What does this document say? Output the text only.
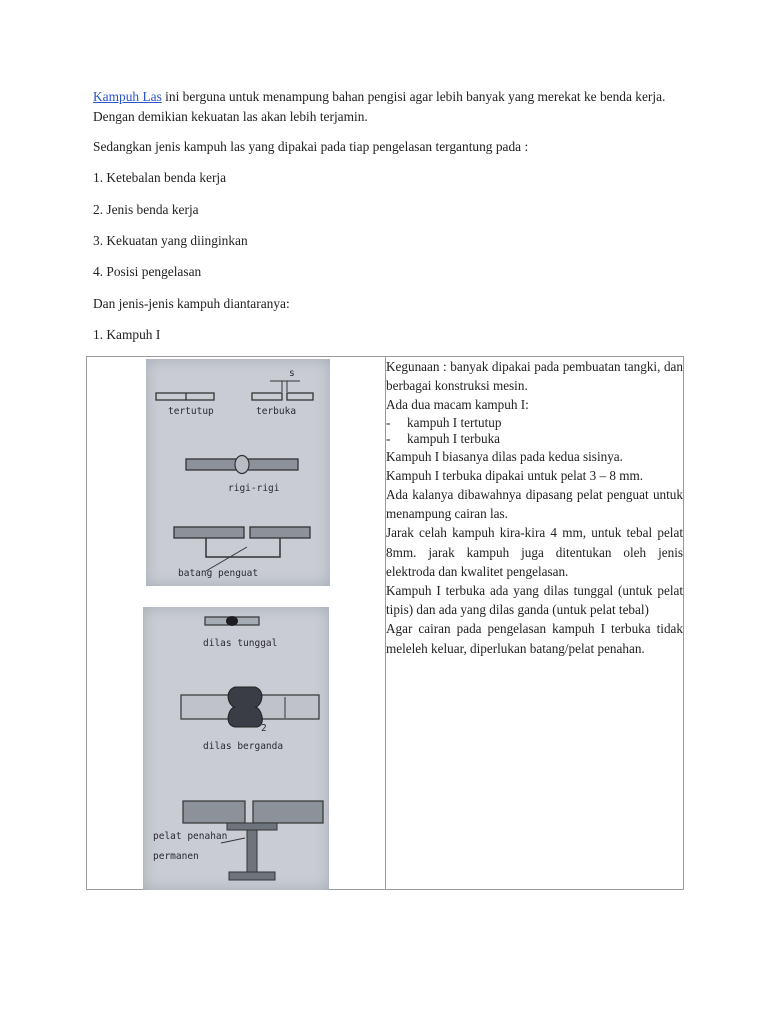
Kampuh Las ini berguna untuk menampung bahan pengisi agar lebih banyak yang merekat ke benda kerja. Dengan demikian kekuatan las akan lebih terjamin.

Sedangkan jenis kampuh las yang dipakai pada tiap pengelasan tergantung pada :

1. Ketebalan benda kerja

2. Jenis benda kerja

3. Kekuatan yang diinginkan

4. Posisi pengelasan

Dan jenis-jenis kampuh diantaranya:

1. Kampuh I

s
tertutup	terbuka
rigi-rigi
batang penguat
dilas tunggal
2
dilas berganda
pelat penahan
permanen

Kegunaan : banyak dipakai pada pembuatan tangki, dan berbagai konstruksi mesin.

Ada dua macam kampuh I:

-	kampuh I tertutup
-	kampuh I terbuka

Kampuh I biasanya dilas pada kedua sisinya.

Kampuh I terbuka dipakai untuk pelat 3 – 8 mm.

Ada kalanya dibawahnya dipasang pelat penguat untuk menampung cairan las.

Jarak celah kampuh kira-kira 4 mm, untuk tebal pelat 8mm. jarak kampuh juga ditentukan oleh jenis elektroda dan kwalitet pengelasan.

Kampuh I terbuka ada yang dilas tunggal (untuk pelat tipis) dan ada yang dilas ganda (untuk pelat tebal)

Agar cairan pada pengelasan kampuh I terbuka tidak meleleh keluar, diperlukan batang/pelat penahan.
